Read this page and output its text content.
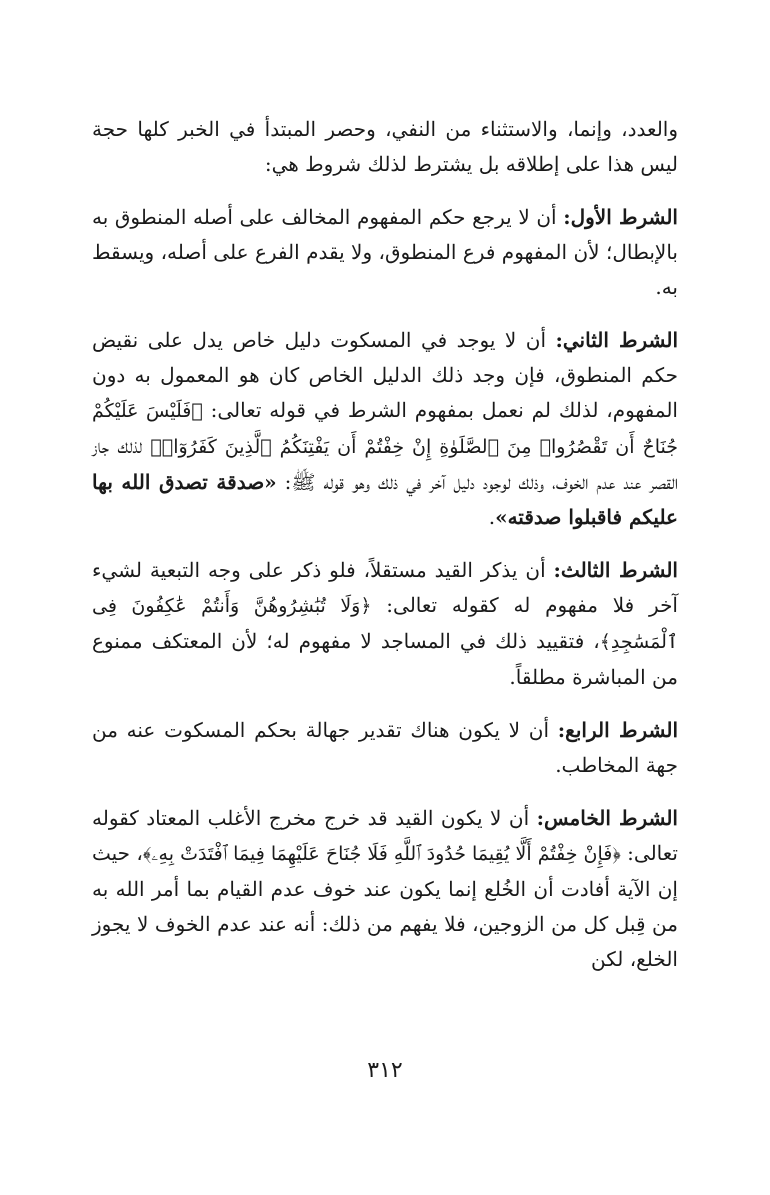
والعدد، وإنما، والاستثناء من النفي، وحصر المبتدأ في الخبر كلها حجة ليس هذا على إطلاقه بل يشترط لذلك شروط هي:

الشرط الأول: أن لا يرجع حكم المفهوم المخالف على أصله المنطوق به بالإبطال؛ لأن المفهوم فرع المنطوق، ولا يقدم الفرع على أصله، ويسقط به.

الشرط الثاني: أن لا يوجد في المسكوت دليل خاص يدل على نقيض حكم المنطوق، فإن وجد ذلك الدليل الخاص كان هو المعمول به دون المفهوم، لذلك لم نعمل بمفهوم الشرط في قوله تعالى: ﴿فَلَيْسَ عَلَيْكُمْ جُنَاحٌ أَن تَقْصُرُوا۟ مِنَ ٱلصَّلَوٰةِ إِنْ خِفْتُمْ أَن يَفْتِنَكُمُ ٱلَّذِينَ كَفَرُوٓا۟﴾ لذلك جاز القصر عند عدم الخوف، وذلك لوجود دليل آخر في ذلك وهو قوله ﷺ: «صدقة تصدق الله بها عليكم فاقبلوا صدقته».

الشرط الثالث: أن يذكر القيد مستقلاً، فلو ذكر على وجه التبعية لشيء آخر فلا مفهوم له كقوله تعالى: ﴿وَلَا تُبَٰشِرُوهُنَّ وَأَنتُمْ عَٰكِفُونَ فِى ٱلْمَسَٰجِدِ﴾، فتقييد ذلك في المساجد لا مفهوم له؛ لأن المعتكف ممنوع من المباشرة مطلقاً.

الشرط الرابع: أن لا يكون هناك تقدير جهالة بحكم المسكوت عنه من جهة المخاطب.

الشرط الخامس: أن لا يكون القيد قد خرج مخرج الأغلب المعتاد كقوله تعالى: ﴿فَإِنْ خِفْتُمْ أَلَّا يُقِيمَا حُدُودَ ٱللَّهِ فَلَا جُنَاحَ عَلَيْهِمَا فِيمَا ٱفْتَدَتْ بِهِۦ﴾، حيث إن الآية أفادت أن الخُلع إنما يكون عند خوف عدم القيام بما أمر الله به من قِبل كل من الزوجين، فلا يفهم من ذلك: أنه عند عدم الخوف لا يجوز الخلع، لكن

٣١٢
